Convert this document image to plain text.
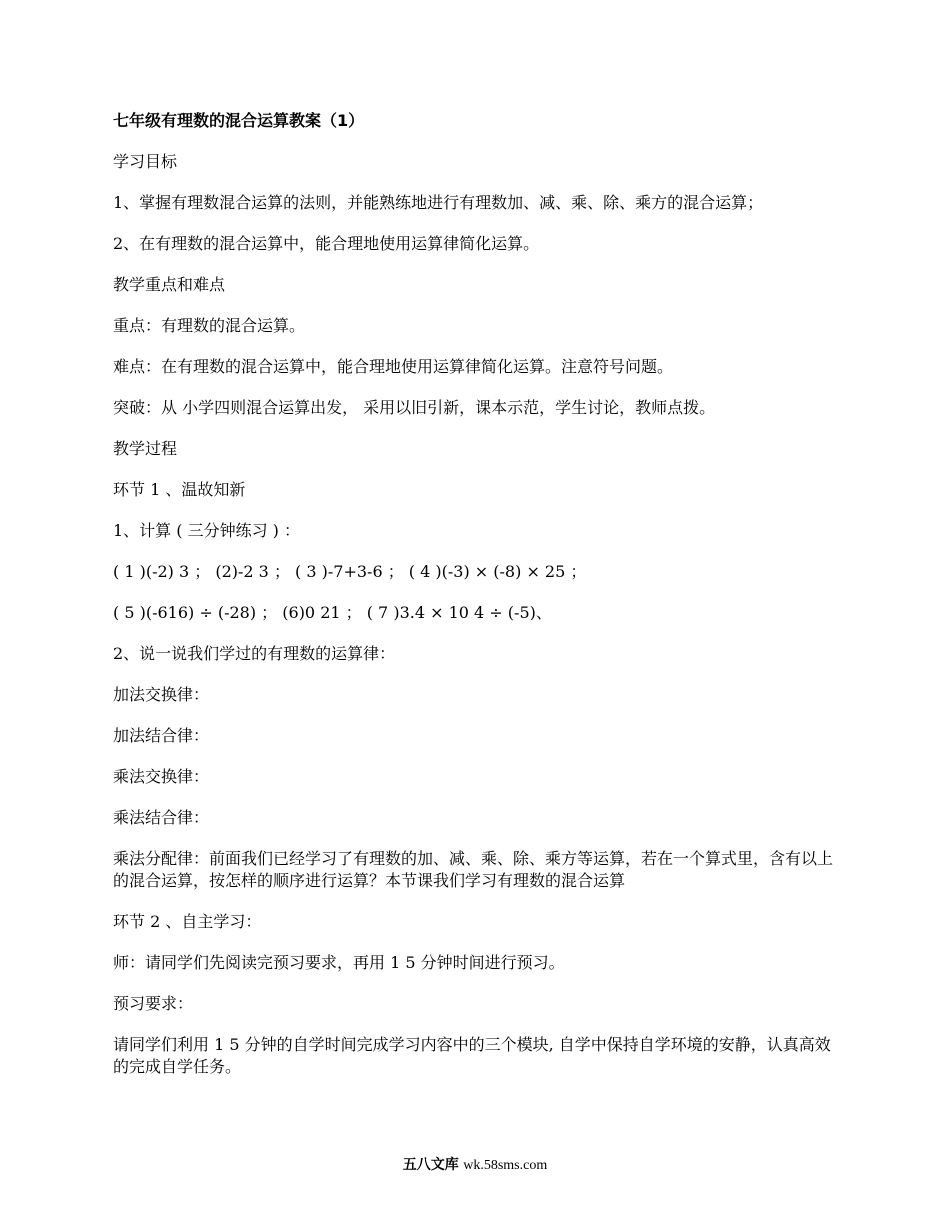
七年级有理数的混合运算教案（1）
学习目标
1、掌握有理数混合运算的法则，并能熟练地进行有理数加、减、乘、除、乘方的混合运算；
2、在有理数的混合运算中，能合理地使用运算律简化运算。
教学重点和难点
重点：有理数的混合运算。
难点：在有理数的混合运算中，能合理地使用运算律简化运算。注意符号问题。
突破：从 小学四则混合运算出发， 采用以旧引新，课本示范，学生讨论，教师点拨。
教学过程
环节 1 、温故知新
1、计算 ( 三分钟练习 ) ：
( 1 )(-2) 3 ； (2)-2 3 ； ( 3 )-7+3-6 ； ( 4 )(-3) × (-8) × 25 ；
( 5 )(-616) ÷ (-28) ； (6)0 21 ； ( 7 )3.4 × 10 4 ÷ (-5)、
2、说一说我们学过的有理数的运算律：
加法交换律：
加法结合律：
乘法交换律：
乘法结合律：
乘法分配律：前面我们已经学习了有理数的加、减、乘、除、乘方等运算，若在一个算式里，含有以上的混合运算，按怎样的顺序进行运算？本节课我们学习有理数的混合运算
环节 2 、自主学习：
师：请同学们先阅读完预习要求，再用 1 5 分钟时间进行预习。
预习要求：
请同学们利用 1 5 分钟的自学时间完成学习内容中的三个模块, 自学中保持自学环境的安静，认真高效的完成自学任务。
五八文库 wk.58sms.com
